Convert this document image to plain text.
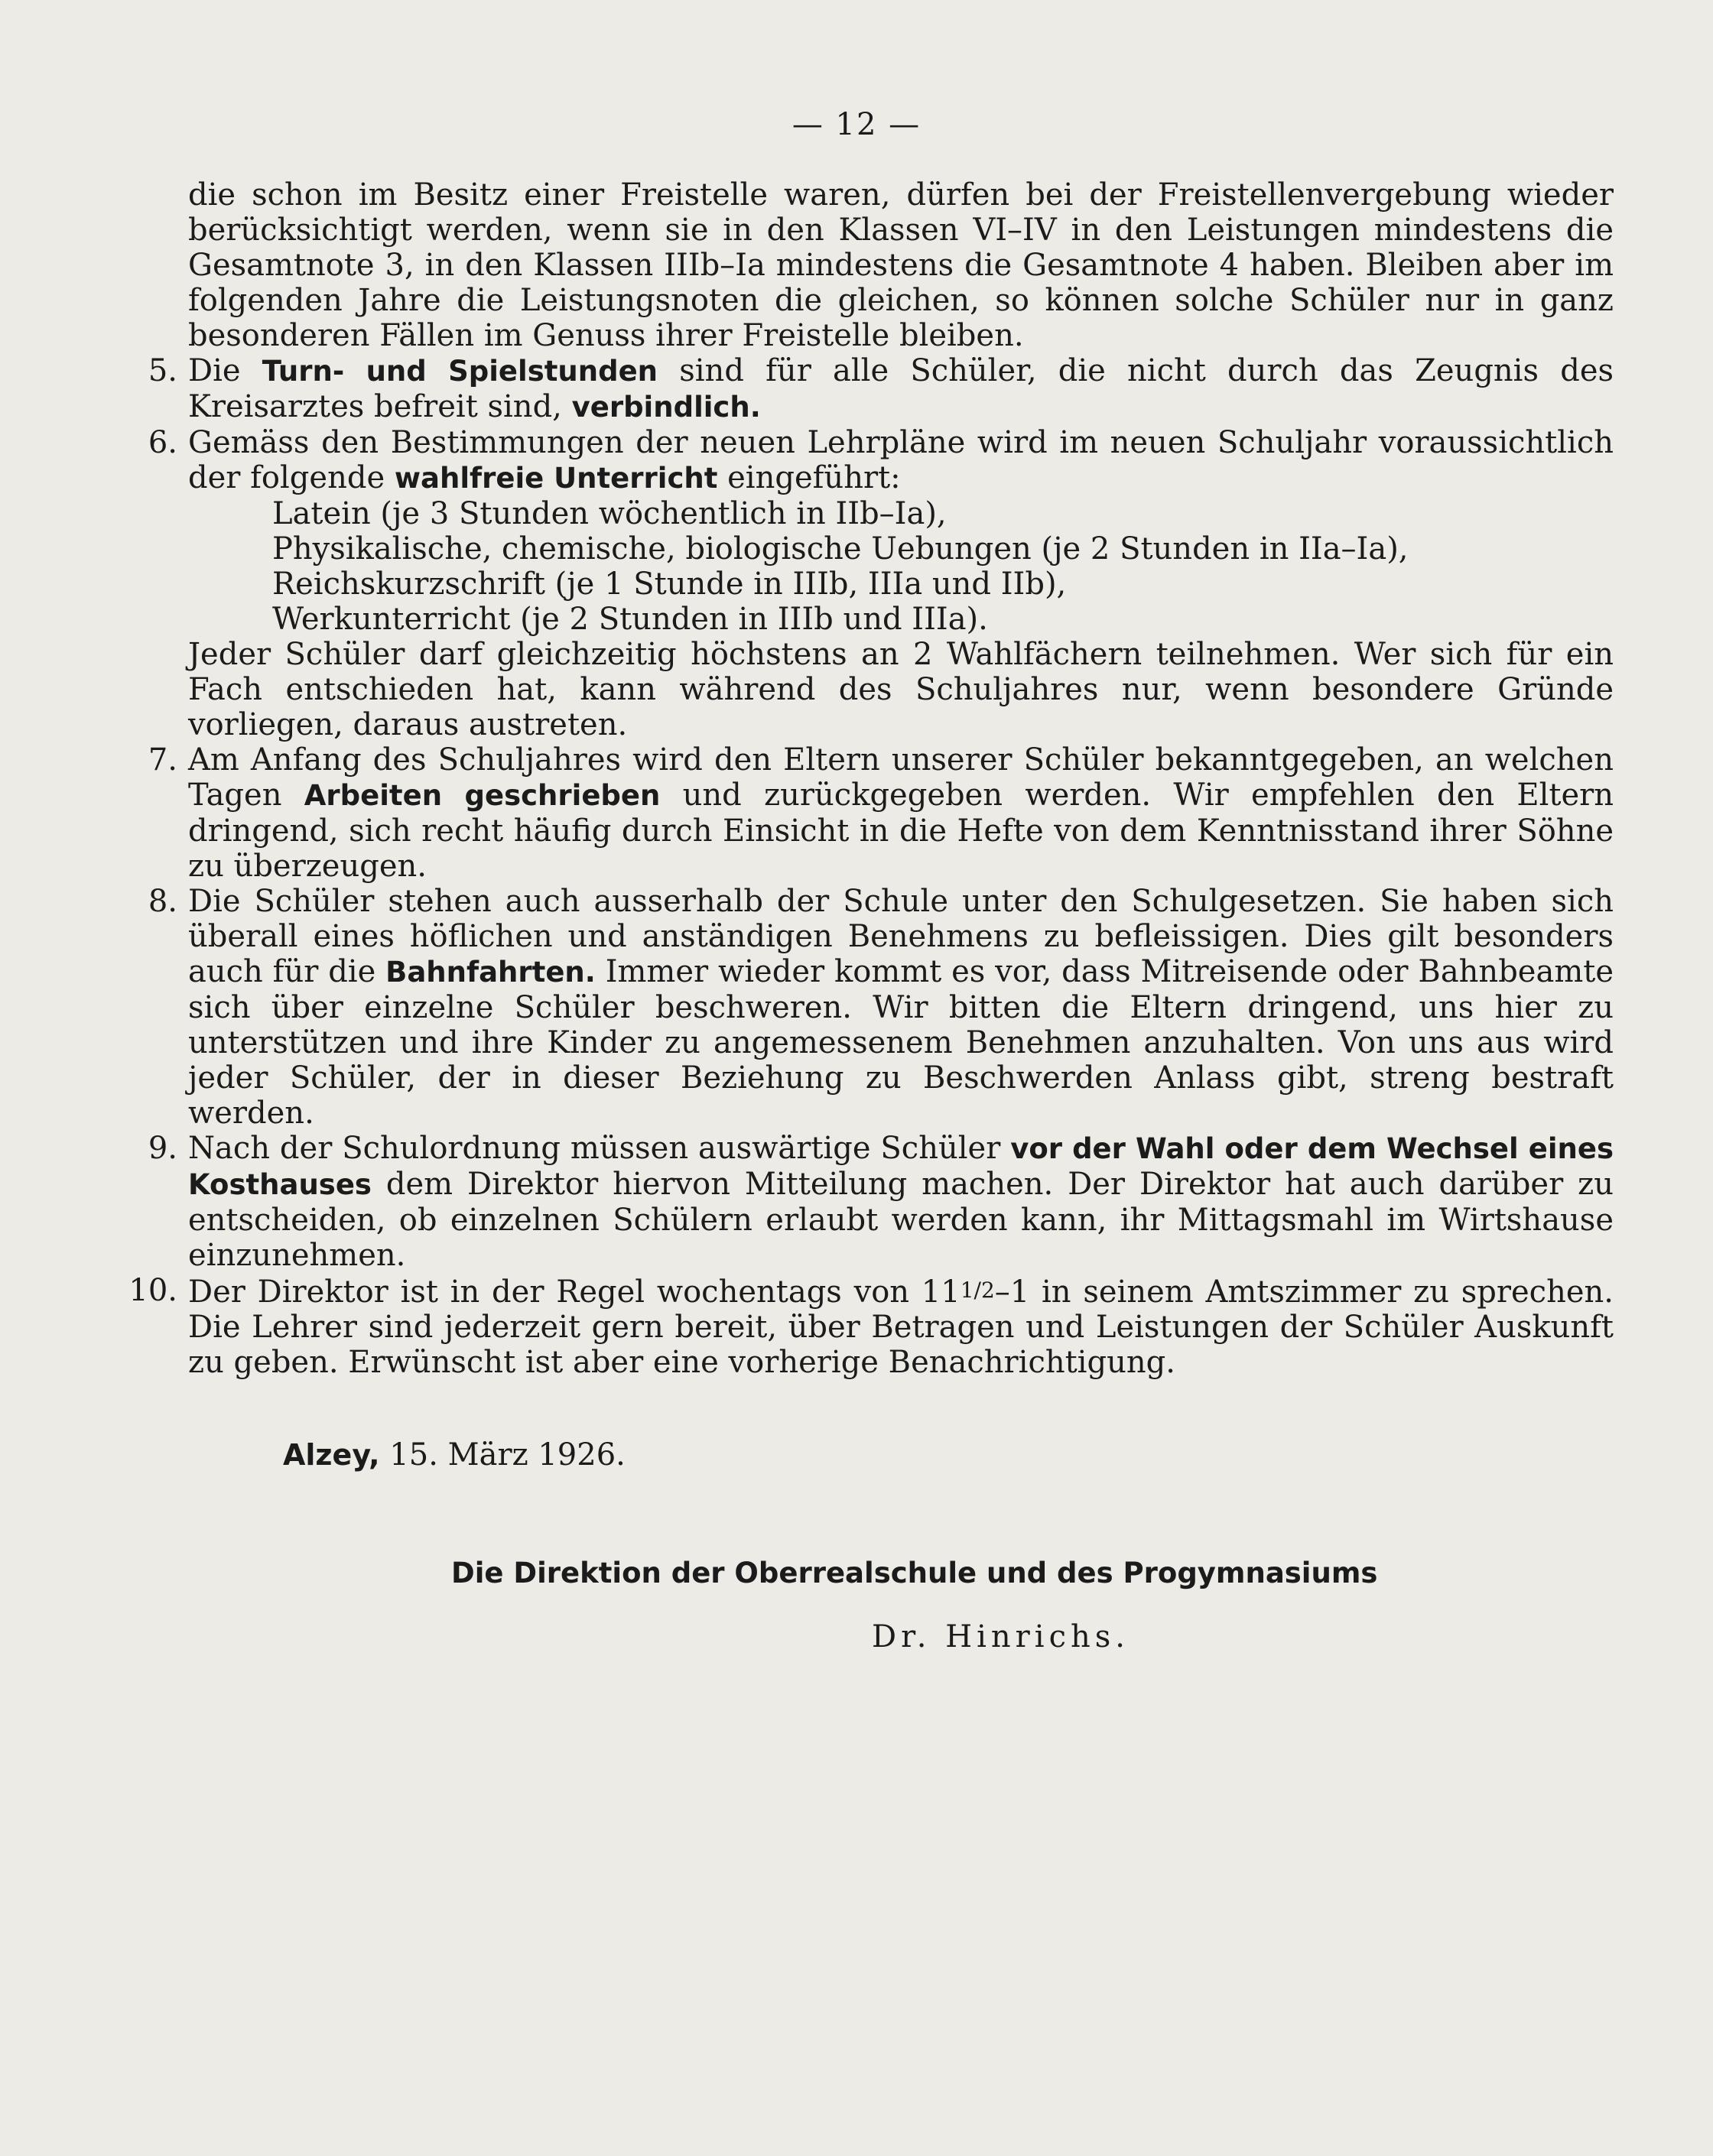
— 12 —

die schon im Besitz einer Freistelle waren, dürfen bei der Freistellenvergebung wieder berücksichtigt werden, wenn sie in den Klassen VI–IV in den Leistungen mindestens die Gesamtnote 3, in den Klassen IIIb–Ia mindestens die Gesamtnote 4 haben. Bleiben aber im folgenden Jahre die Leistungsnoten die gleichen, so können solche Schüler nur in ganz besonderen Fällen im Genuss ihrer Freistelle bleiben.

5. Die Turn- und Spielstunden sind für alle Schüler, die nicht durch das Zeugnis des Kreisarztes befreit sind, verbindlich.

6. Gemäss den Bestimmungen der neuen Lehrpläne wird im neuen Schuljahr voraussichtlich der folgende wahlfreie Unterricht eingeführt:
Latein (je 3 Stunden wöchentlich in IIb–Ia),
Physikalische, chemische, biologische Uebungen (je 2 Stunden in IIa–Ia),
Reichskurzschrift (je 1 Stunde in IIIb, IIIa und IIb),
Werkunterricht (je 2 Stunden in IIIb und IIIa).
Jeder Schüler darf gleichzeitig höchstens an 2 Wahlfächern teilnehmen. Wer sich für ein Fach entschieden hat, kann während des Schuljahres nur, wenn besondere Gründe vorliegen, daraus austreten.

7. Am Anfang des Schuljahres wird den Eltern unserer Schüler bekanntgegeben, an welchen Tagen Arbeiten geschrieben und zurückgegeben werden. Wir empfehlen den Eltern dringend, sich recht häufig durch Einsicht in die Hefte von dem Kenntnisstand ihrer Söhne zu überzeugen.

8. Die Schüler stehen auch ausserhalb der Schule unter den Schulgesetzen. Sie haben sich überall eines höflichen und anständigen Benehmens zu befleissigen. Dies gilt besonders auch für die Bahnfahrten. Immer wieder kommt es vor, dass Mitreisende oder Bahnbeamte sich über einzelne Schüler beschweren. Wir bitten die Eltern dringend, uns hier zu unterstützen und ihre Kinder zu angemessenem Benehmen anzuhalten. Von uns aus wird jeder Schüler, der in dieser Beziehung zu Beschwerden Anlass gibt, streng bestraft werden.

9. Nach der Schulordnung müssen auswärtige Schüler vor der Wahl oder dem Wechsel eines Kosthauses dem Direktor hiervon Mitteilung machen. Der Direktor hat auch darüber zu entscheiden, ob einzelnen Schülern erlaubt werden kann, ihr Mittagsmahl im Wirtshause einzunehmen.

10. Der Direktor ist in der Regel wochentags von 111/2–1 in seinem Amtszimmer zu sprechen. Die Lehrer sind jederzeit gern bereit, über Betragen und Leistungen der Schüler Auskunft zu geben. Erwünscht ist aber eine vorherige Benachrichtigung.

Alzey, 15. März 1926.
Die Direktion der Oberrealschule und des Progymnasiums
Dr. Hinrichs.
